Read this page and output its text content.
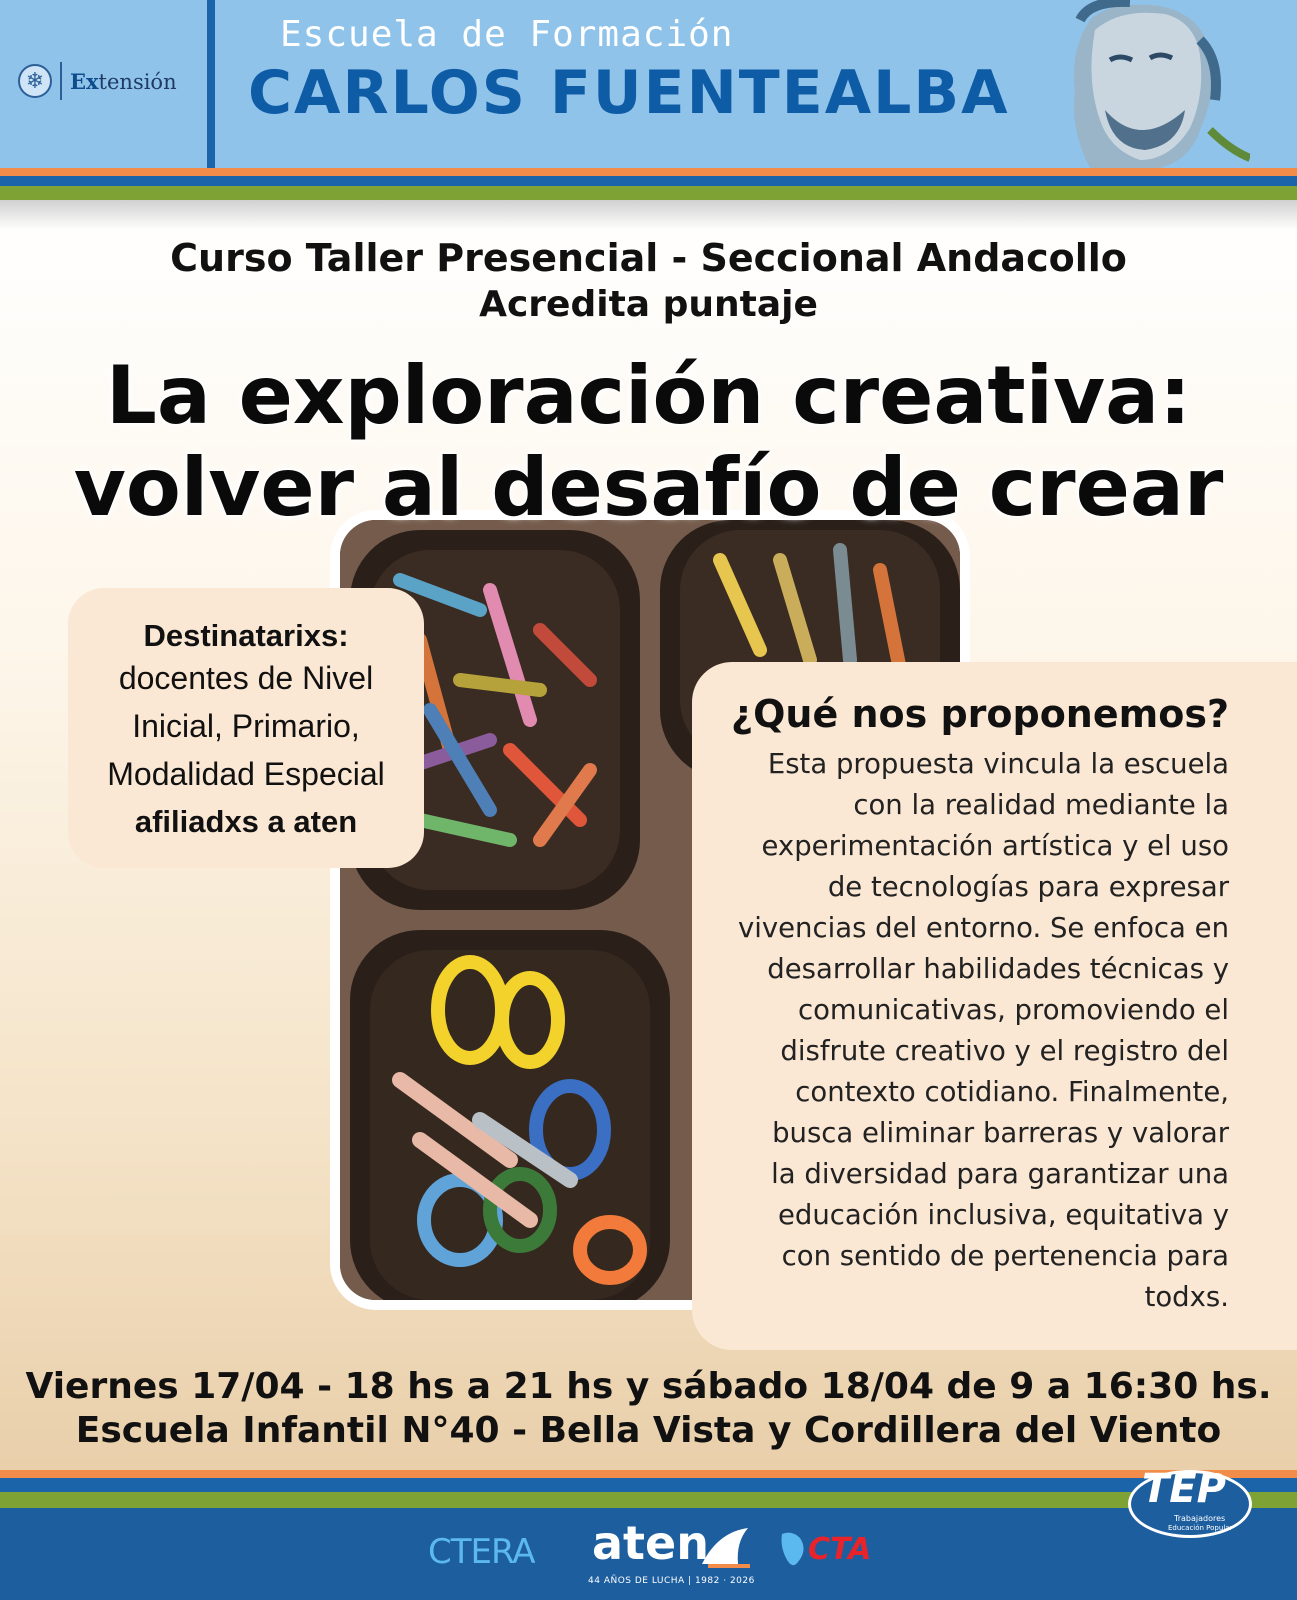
❄	Extensión
Escuela de Formación
CARLOS FUENTEALBA
Curso Taller Presencial - Seccional Andacollo
Acredita puntaje
La exploración creativa:
volver al desafío de crear
Destinatarixs:
docentes de Nivel
Inicial, Primario,
Modalidad Especial
afiliadxs a aten
¿Qué nos proponemos?
Esta propuesta vincula la escuela
con la realidad mediante la
experimentación artística y el uso
de tecnologías para expresar
vivencias del entorno. Se enfoca en
desarrollar habilidades técnicas y
comunicativas, promoviendo el
disfrute creativo y el registro del
contexto cotidiano. Finalmente,
busca eliminar barreras y valorar
la diversidad para garantizar una
educación inclusiva, equitativa y
con sentido de pertenencia para
todxs.
Viernes 17/04 - 18 hs a 21 hs y sábado 18/04 de 9 a 16:30 hs.
Escuela Infantil N°40 - Bella Vista y Cordillera del Viento
CTERA aten
44 AÑOS DE LUCHA | 1982 · 2026
CTA
TEP
Trabajadores
Educación Popular
